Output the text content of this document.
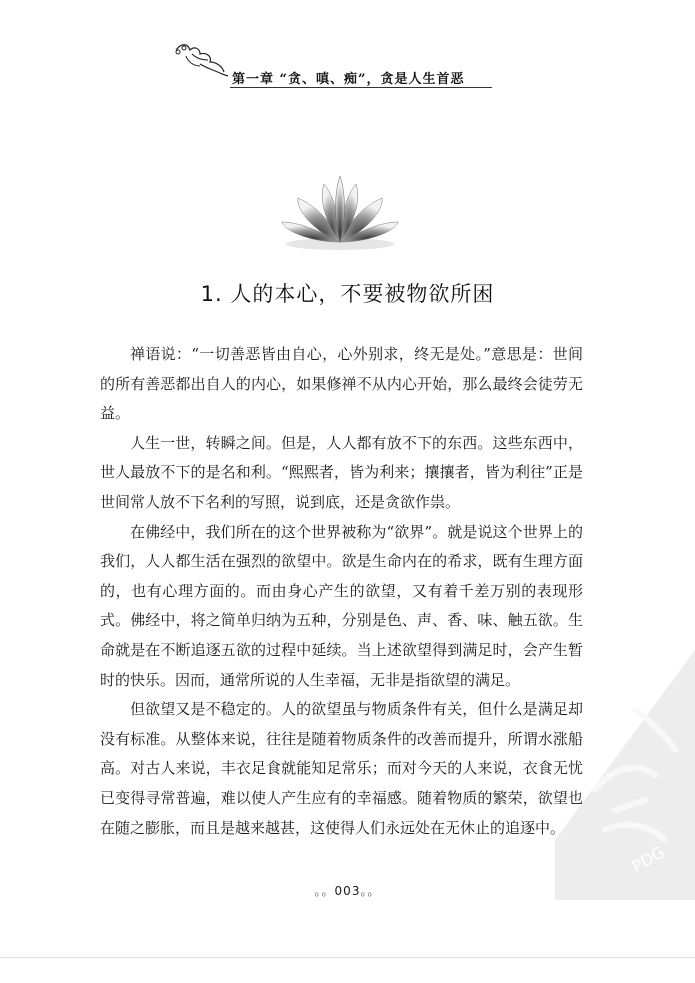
第一章 “贪、嗔、痴”，贪是人生首恶
1. 人的本心，不要被物欲所困

禅语说：“一切善恶皆由自心，心外别求，终无是处。”意思是：世间的所有善恶都出自人的内心，如果修禅不从内心开始，那么最终会徒劳无益。

人生一世，转瞬之间。但是，人人都有放不下的东西。这些东西中，世人最放不下的是名和利。“熙熙者，皆为利来；攘攘者，皆为利往”正是世间常人放不下名利的写照，说到底，还是贪欲作祟。

在佛经中，我们所在的这个世界被称为“欲界”。就是说这个世界上的我们，人人都生活在强烈的欲望中。欲是生命内在的希求，既有生理方面的，也有心理方面的。而由身心产生的欲望，又有着千差万别的表现形式。佛经中，将之简单归纳为五种，分别是色、声、香、味、触五欲。生命就是在不断追逐五欲的过程中延续。当上述欲望得到满足时，会产生暂时的快乐。因而，通常所说的人生幸福，无非是指欲望的满足。

但欲望又是不稳定的。人的欲望虽与物质条件有关，但什么是满足却没有标准。从整体来说，往往是随着物质条件的改善而提升，所谓水涨船高。对古人来说，丰衣足食就能知足常乐；而对今天的人来说，衣食无忧已变得寻常普遍，难以使人产生应有的幸福感。随着物质的繁荣，欲望也在随之膨胀，而且是越来越甚，这使得人们永远处在无休止的追逐中。

。。003。。
PDG
